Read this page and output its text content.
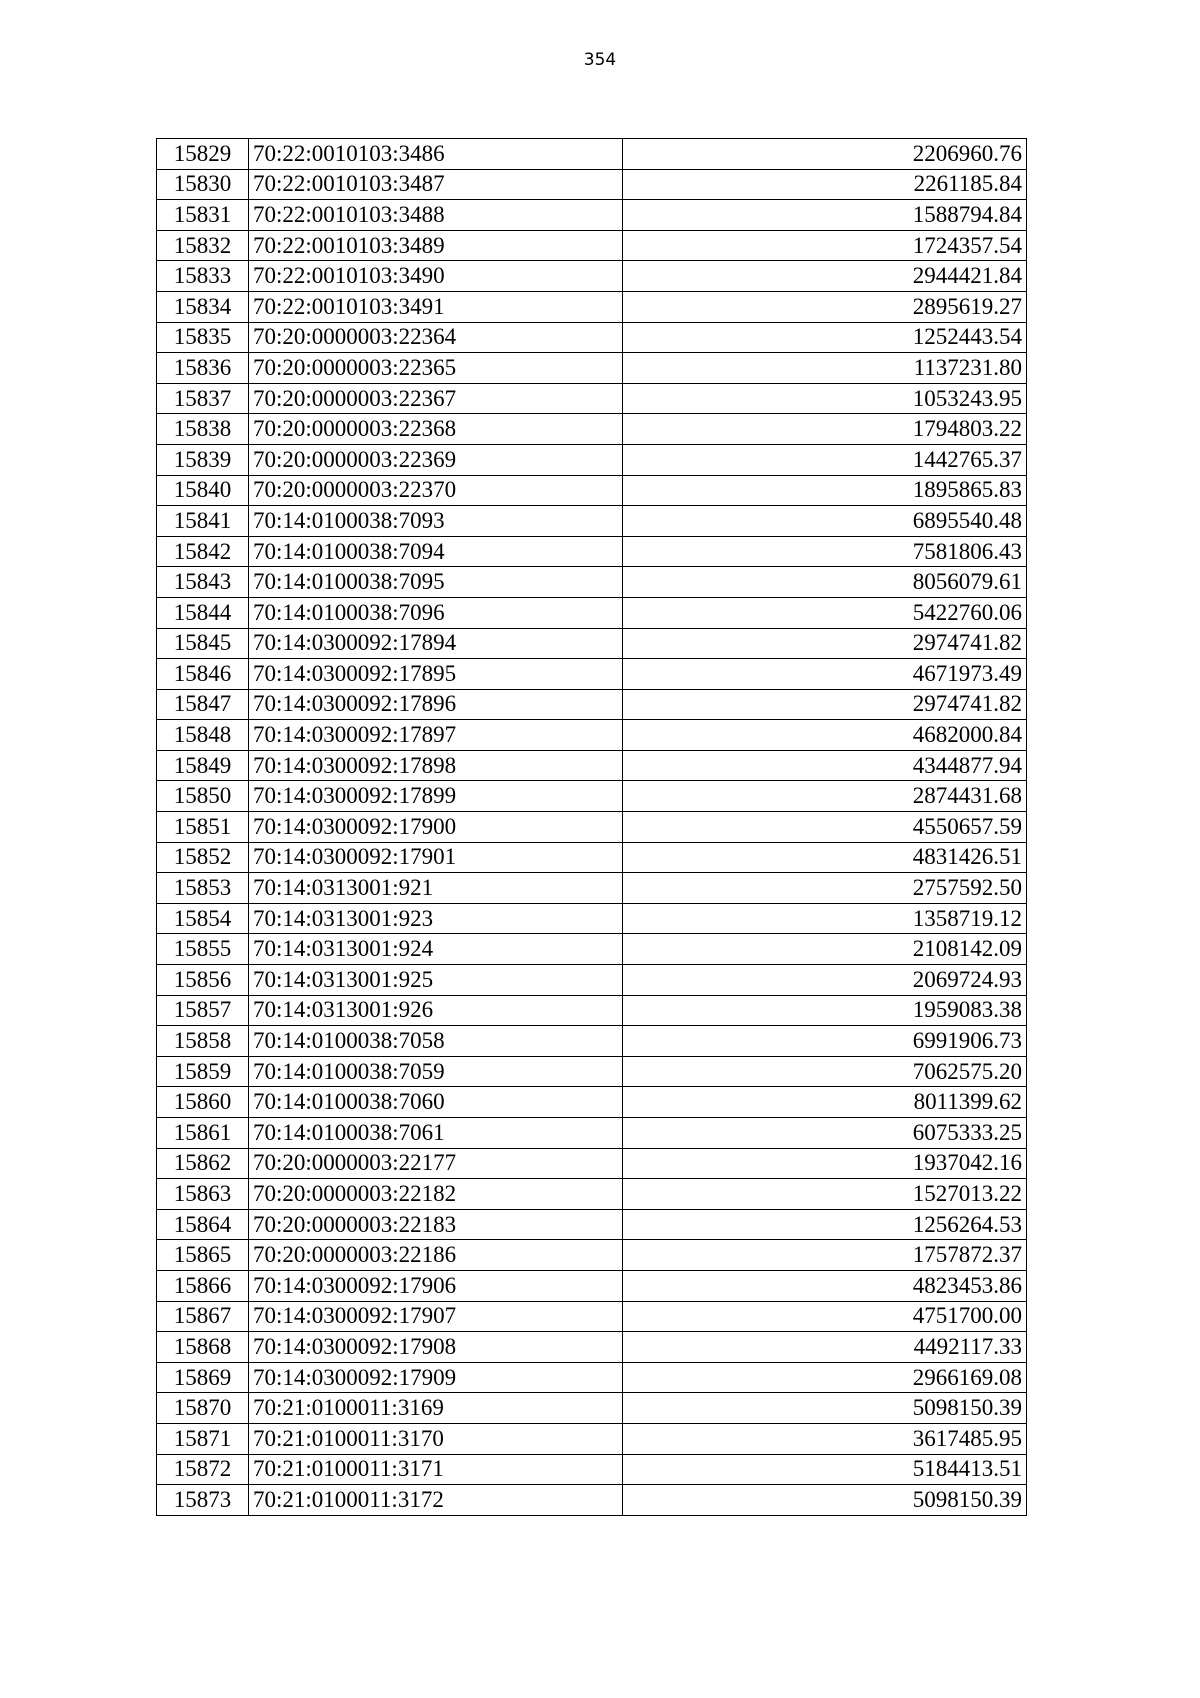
354
15829	70:22:0010103:3486	2206960.76
15830	70:22:0010103:3487	2261185.84
15831	70:22:0010103:3488	1588794.84
15832	70:22:0010103:3489	1724357.54
15833	70:22:0010103:3490	2944421.84
15834	70:22:0010103:3491	2895619.27
15835	70:20:0000003:22364	1252443.54
15836	70:20:0000003:22365	1137231.80
15837	70:20:0000003:22367	1053243.95
15838	70:20:0000003:22368	1794803.22
15839	70:20:0000003:22369	1442765.37
15840	70:20:0000003:22370	1895865.83
15841	70:14:0100038:7093	6895540.48
15842	70:14:0100038:7094	7581806.43
15843	70:14:0100038:7095	8056079.61
15844	70:14:0100038:7096	5422760.06
15845	70:14:0300092:17894	2974741.82
15846	70:14:0300092:17895	4671973.49
15847	70:14:0300092:17896	2974741.82
15848	70:14:0300092:17897	4682000.84
15849	70:14:0300092:17898	4344877.94
15850	70:14:0300092:17899	2874431.68
15851	70:14:0300092:17900	4550657.59
15852	70:14:0300092:17901	4831426.51
15853	70:14:0313001:921	2757592.50
15854	70:14:0313001:923	1358719.12
15855	70:14:0313001:924	2108142.09
15856	70:14:0313001:925	2069724.93
15857	70:14:0313001:926	1959083.38
15858	70:14:0100038:7058	6991906.73
15859	70:14:0100038:7059	7062575.20
15860	70:14:0100038:7060	8011399.62
15861	70:14:0100038:7061	6075333.25
15862	70:20:0000003:22177	1937042.16
15863	70:20:0000003:22182	1527013.22
15864	70:20:0000003:22183	1256264.53
15865	70:20:0000003:22186	1757872.37
15866	70:14:0300092:17906	4823453.86
15867	70:14:0300092:17907	4751700.00
15868	70:14:0300092:17908	4492117.33
15869	70:14:0300092:17909	2966169.08
15870	70:21:0100011:3169	5098150.39
15871	70:21:0100011:3170	3617485.95
15872	70:21:0100011:3171	5184413.51
15873	70:21:0100011:3172	5098150.39
